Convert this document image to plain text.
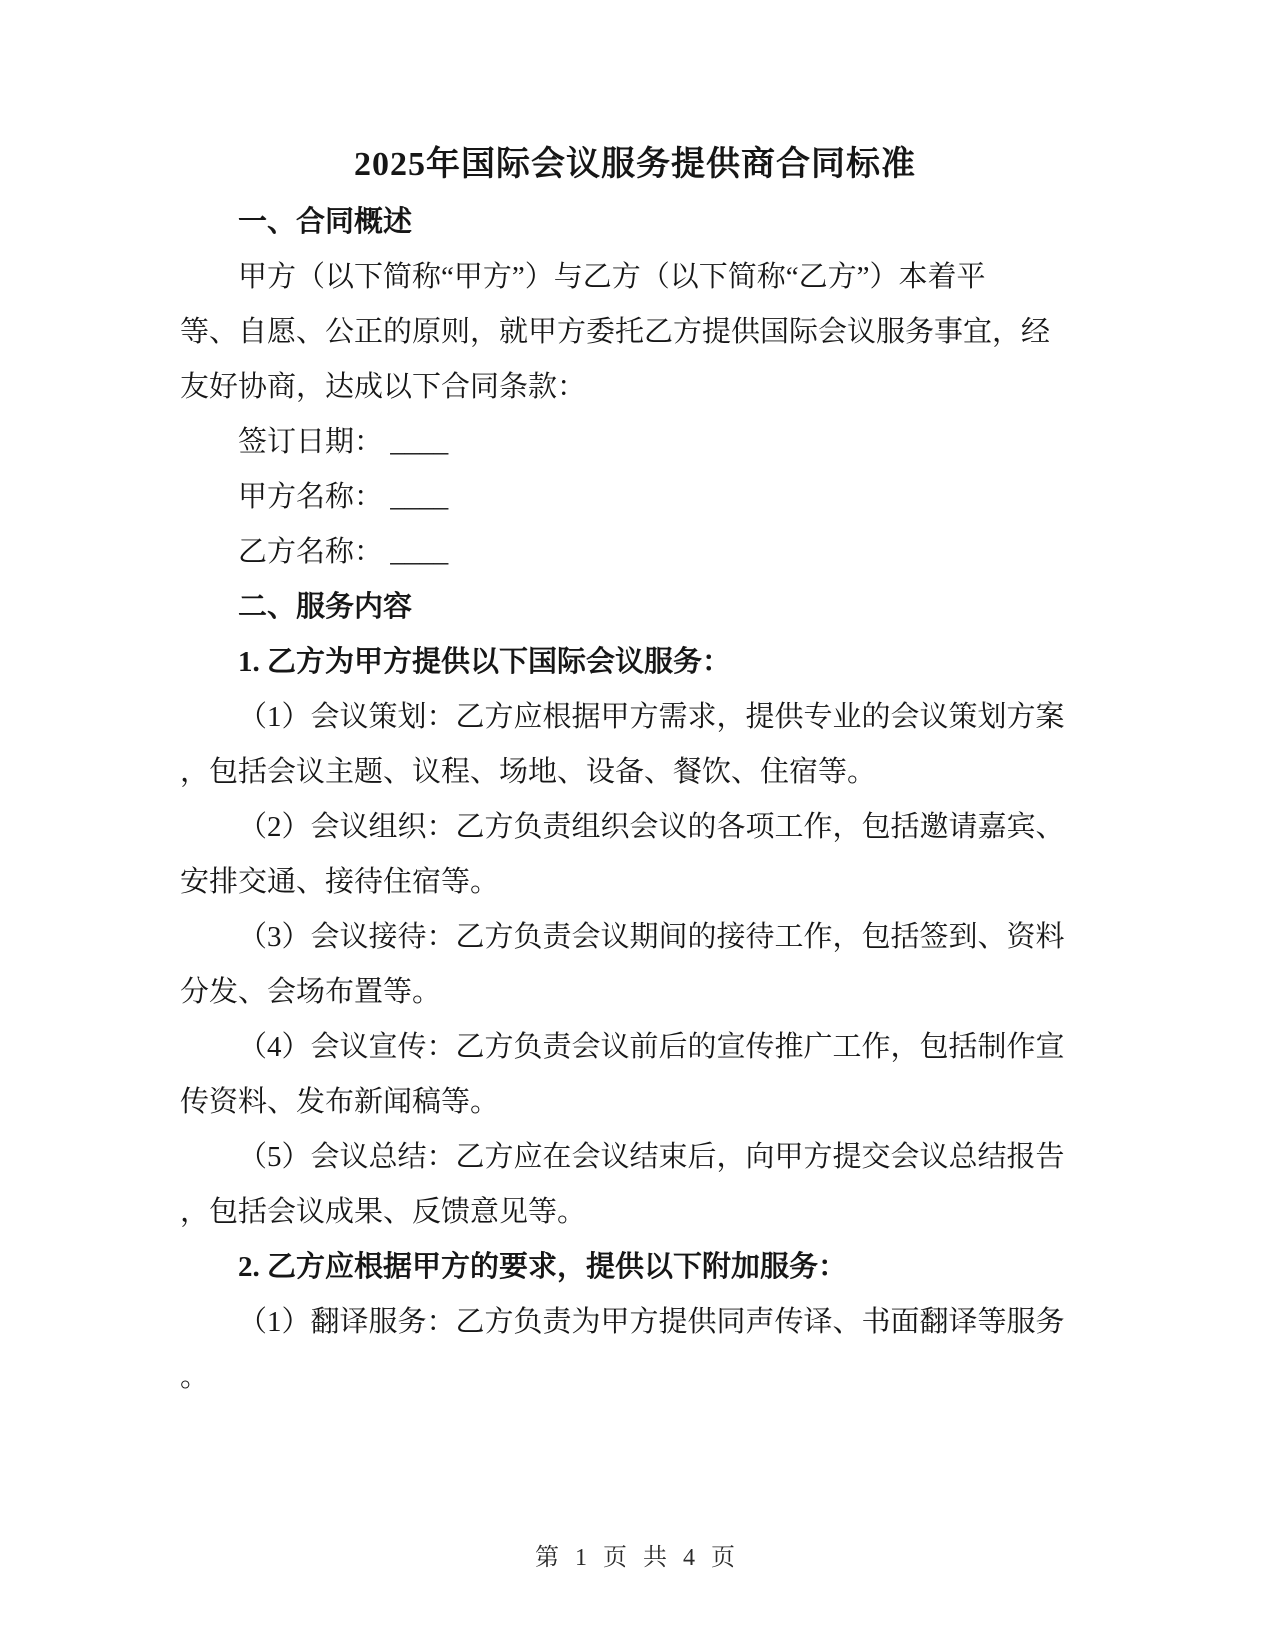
2025年国际会议服务提供商合同标准
一、合同概述
甲方（以下简称“甲方”）与乙方（以下简称“乙方”）本着平
等、自愿、公正的原则，就甲方委托乙方提供国际会议服务事宜，经
友好协商，达成以下合同条款：
签订日期： ____
甲方名称： ____
乙方名称： ____
二、服务内容
1. 乙方为甲方提供以下国际会议服务：
（1）会议策划：乙方应根据甲方需求，提供专业的会议策划方案
，包括会议主题、议程、场地、设备、餐饮、住宿等。
（2）会议组织：乙方负责组织会议的各项工作，包括邀请嘉宾、
安排交通、接待住宿等。
（3）会议接待：乙方负责会议期间的接待工作，包括签到、资料
分发、会场布置等。
（4）会议宣传：乙方负责会议前后的宣传推广工作，包括制作宣
传资料、发布新闻稿等。
（5）会议总结：乙方应在会议结束后，向甲方提交会议总结报告
，包括会议成果、反馈意见等。
2. 乙方应根据甲方的要求，提供以下附加服务：
（1）翻译服务：乙方负责为甲方提供同声传译、书面翻译等服务
。
第 1 页 共 4 页
